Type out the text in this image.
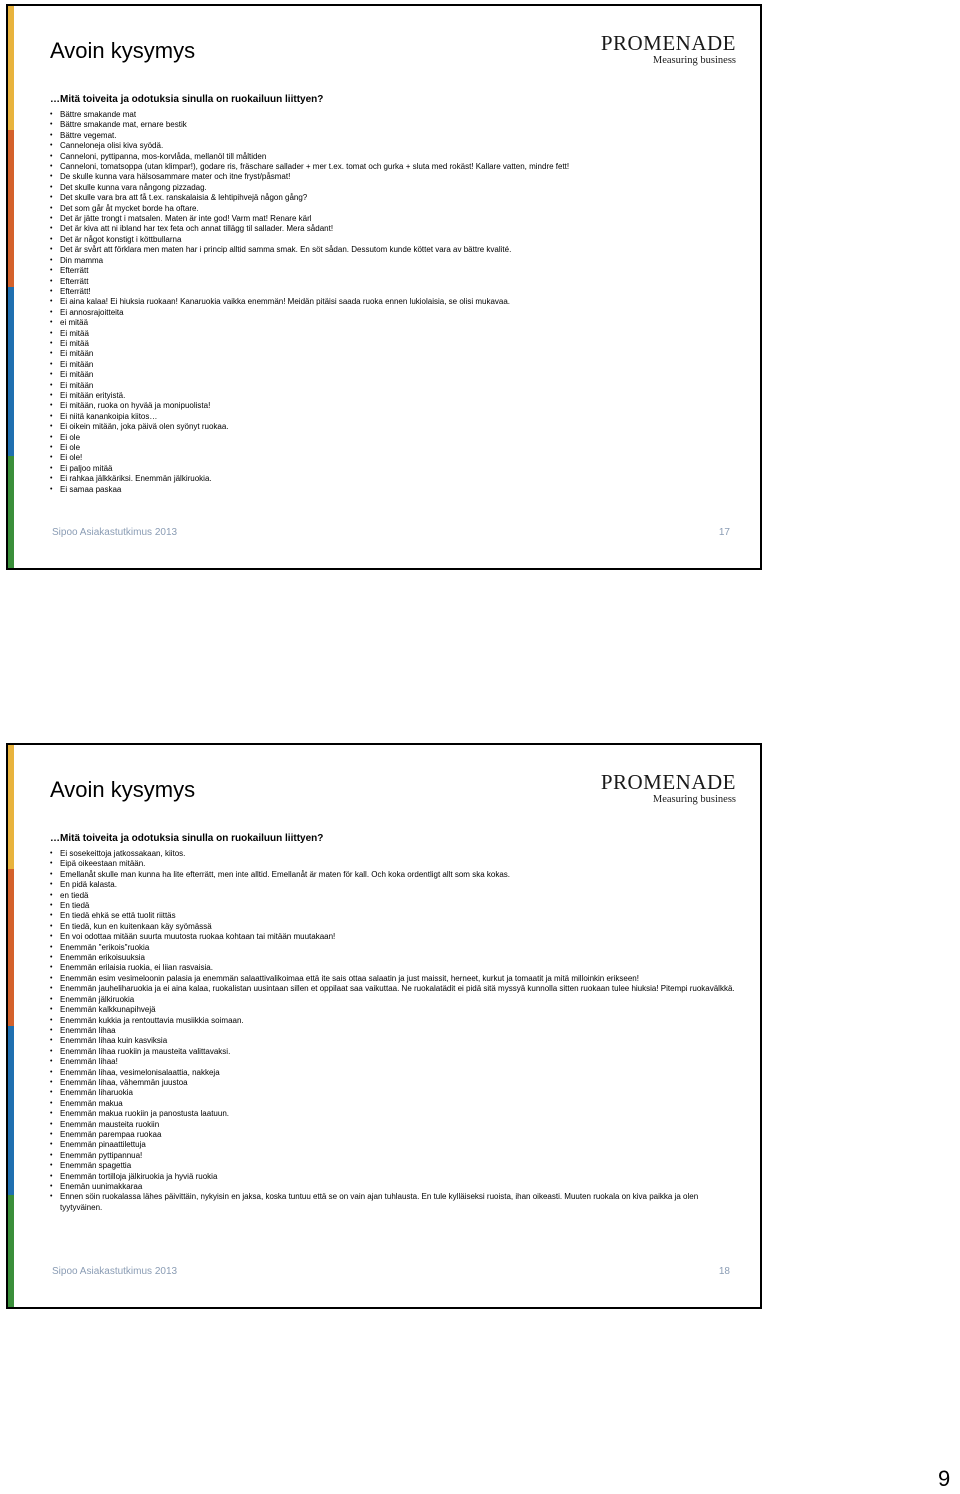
Avoin kysymys	PROMENADE
Measuring business
…Mitä toiveita ja odotuksia sinulla on ruokailuun liittyen?
• Bättre smakande mat
• Bättre smakande mat, ernare bestik
• Bättre vegemat.
• Canneloneja olisi kiva syödä.
• Canneloni, pyttipanna, mos-korvlåda, mellanöl till måltiden
• Canneloni, tomatsoppa (utan klimpar!), godare ris, fräschare sallader + mer t.ex. tomat och gurka + sluta med rokäst! Kallare vatten, mindre fett!
• De skulle kunna vara hälsosammare mater och itne fryst/påsmat!
• Det skulle kunna vara nångong pizzadag.
• Det skulle vara bra att få t.ex. ranskalaisia & lehtipihvejä någon gång?
• Det som går åt mycket borde ha oftare.
• Det är jätte trongt i matsalen. Maten är inte god! Varm mat! Renare kärl
• Det är kiva att ni ibland har tex feta och annat tillägg til sallader. Mera sådant!
• Det är något konstigt i köttbullarna
• Det är svårt att förklara men maten har i princip alltid samma smak. En söt sådan. Dessutom kunde köttet vara av bättre kvalité.
• Din mamma
• Efterrätt
• Efterrätt
• Efterrätt!
• Ei aina kalaa! Ei hiuksia ruokaan! Kanaruokia vaikka enemmän! Meidän pitäisi saada ruoka ennen lukiolaisia, se olisi mukavaa.
• Ei annosrajoitteita
• ei mitää
• Ei mitää
• Ei mitää
• Ei mitään
• Ei mitään
• Ei mitään
• Ei mitään
• Ei mitään erityistä.
• Ei mitään, ruoka on hyvää ja monipuolista!
• Ei niitä kanankoipia kiitos…
• Ei oikein mitään, joka päivä olen syönyt ruokaa.
• Ei ole
• Ei ole
• Ei ole!
• Ei paljoo mitää
• Ei rahkaa jälkkäriksi. Enemmän jälkiruokia.
• Ei samaa paskaa
Sipoo Asiakastutkimus 2013	17
Avoin kysymys	PROMENADE
Measuring business
…Mitä toiveita ja odotuksia sinulla on ruokailuun liittyen?
• Ei sosekeittoja jatkossakaan, kiitos.
• Eipä oikeestaan mitään.
• Emellanåt skulle man kunna ha lite efterrätt, men inte alltid. Emellanåt är maten för kall. Och koka ordentligt allt som ska kokas.
• En pidä kalasta.
• en tiedä
• En tiedä
• En tiedä ehkä se että tuolit riittäs
• En tiedä, kun en kuitenkaan käy syömässä
• En voi odottaa mitään suurta muutosta ruokaa kohtaan tai mitään muutakaan!
• Enemmän "erikois"ruokia
• Enemmän erikoisuuksia
• Enemmän erilaisia ruokia, ei liian rasvaisia.
• Enemmän esim vesimeloonin palasia ja enemmän salaattivalikoimaa että ite sais ottaa salaatin ja just maissit, herneet, kurkut ja tomaatit ja mitä milloinkin erikseen!
• Enemmän jauheliharuokia ja ei aina kalaa, ruokalistan uusintaan sillen et oppilaat saa vaikuttaa. Ne ruokalatädit ei pidä sitä myssyä kunnolla sitten ruokaan tulee hiuksia! Pitempi ruokavälkkä.
• Enemmän jälkiruokia
• Enemmän kalkkunapihvejä
• Enemmän kukkia ja rentouttavia musiikkia soimaan.
• Enemmän lihaa
• Enemmän lihaa kuin kasviksia
• Enemmän lihaa ruokiin ja mausteita valittavaksi.
• Enemmän lihaa!
• Enemmän lihaa, vesimelonisalaattia, nakkeja
• Enemmän lihaa, vähemmän juustoa
• Enemmän liharuokia
• Enemmän makua
• Enemmän makua ruokiin ja panostusta laatuun.
• Enemmän mausteita ruokiin
• Enemmän parempaa ruokaa
• Enemmän pinaattilettuja
• Enemmän pyttipannua!
• Enemmän spagettia
• Enemmän tortilloja jälkiruokia ja hyviä ruokia
• Enemän uunimakkaraa
• Ennen söin ruokalassa lähes päivittäin, nykyisin en jaksa, koska tuntuu että se on vain ajan tuhlausta. En tule kylläiseksi ruoista, ihan oikeasti. Muuten ruokala on kiva paikka ja olen tyytyväinen.
Sipoo Asiakastutkimus 2013	18
9
